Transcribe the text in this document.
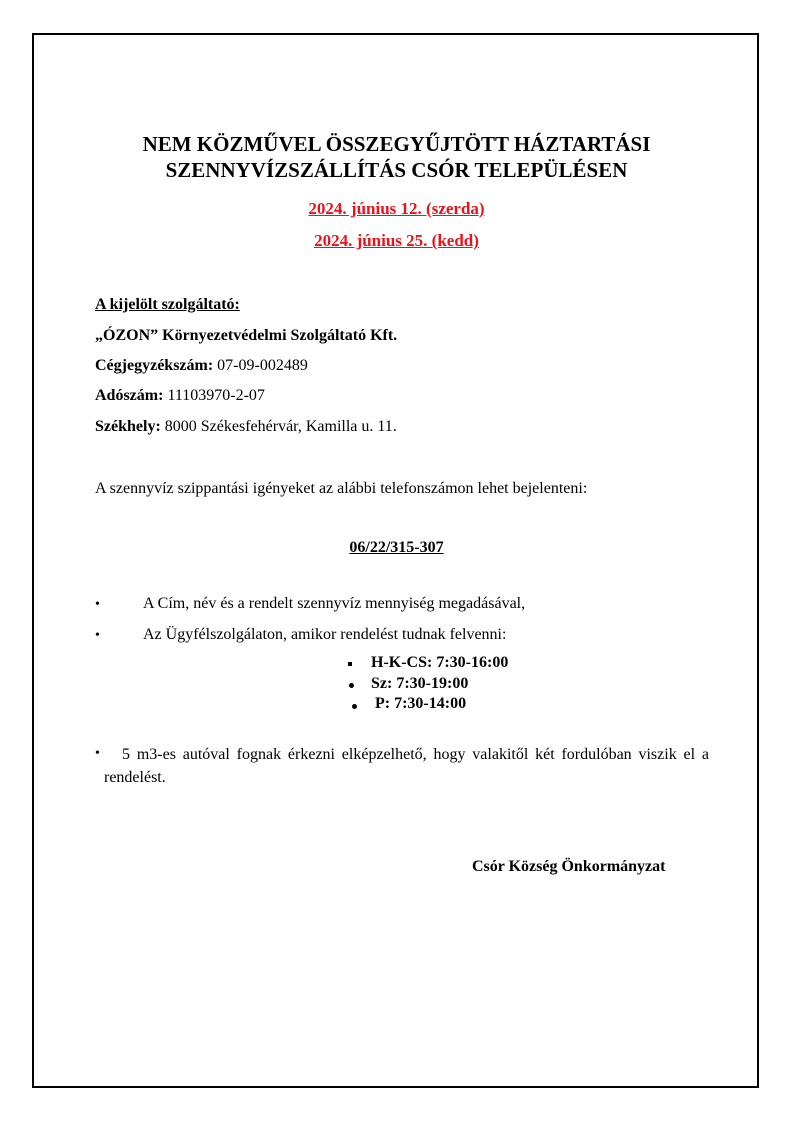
NEM KÖZMŰVEL ÖSSZEGYŰJTÖTT HÁZTARTÁSI
SZENNYVÍZSZÁLLÍTÁS CSÓR TELEPÜLÉSEN
2024. június 12. (szerda)
2024. június 25. (kedd)
A kijelölt szolgáltató:
„ÓZON” Környezetvédelmi Szolgáltató Kft.
Cégjegyzékszám: 07-09-002489
Adószám: 11103970-2-07
Székhely: 8000 Székesfehérvár, Kamilla u. 11.
A szennyvíz szippantási igényeket az alábbi telefonszámon lehet bejelenteni:
06/22/315-307
•	A Cím, név és a rendelt szennyvíz mennyiség megadásával,
•	Az Ügyfélszolgálaton, amikor rendelést tudnak felvenni:
H-K-CS: 7:30-16:00
Sz: 7:30-19:00
P: 7:30-14:00
•	5 m3-es autóval fognak érkezni elképzelhető, hogy valakitől két fordulóban viszik el a rendelést.
Csór Község Önkormányzat
